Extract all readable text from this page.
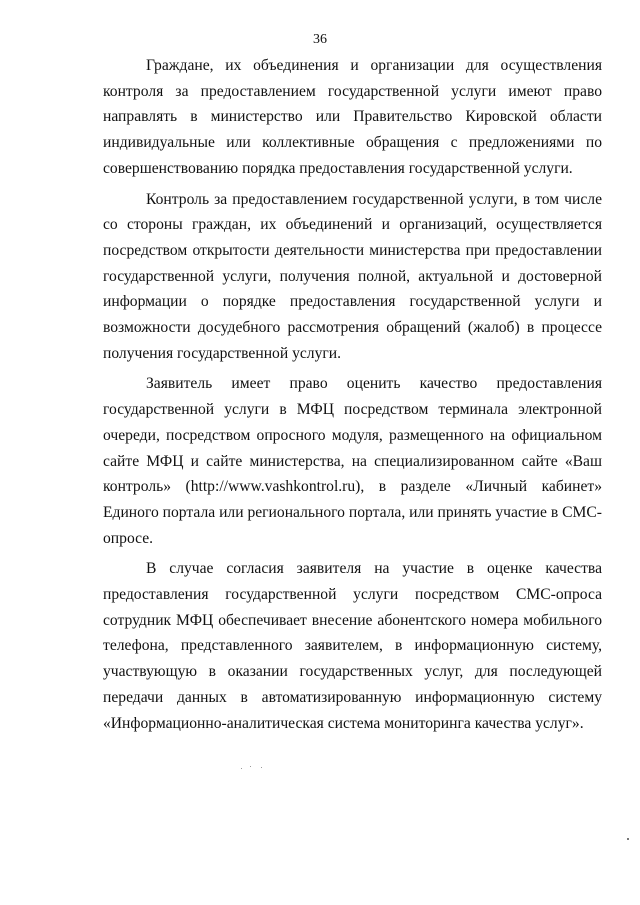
36

Граждане, их объединения и организации для осуществления контроля за предоставлением государственной услуги имеют право направлять в министерство или Правительство Кировской области индивидуальные или коллективные обращения с предложениями по совершенствованию порядка предоставления государственной услуги.

Контроль за предоставлением государственной услуги, в том числе со стороны граждан, их объединений и организаций, осуществляется посредством открытости деятельности министерства при предоставлении государственной услуги, получения полной, актуальной и достоверной информации о порядке предоставления государственной услуги и возможности досудебного рассмотрения обращений (жалоб) в процессе получения государственной услуги.

Заявитель имеет право оценить качество предоставления государственной услуги в МФЦ посредством терминала электронной очереди, посредством опросного модуля, размещенного на официальном сайте МФЦ и сайте министерства, на специализированном сайте «Ваш контроль» (http://www.vashkontrol.ru), в разделе «Личный кабинет» Единого портала или регионального портала, или принять участие в СМС-опросе.

В случае согласия заявителя на участие в оценке качества предоставления государственной услуги посредством СМС-опроса сотрудник МФЦ обеспечивает внесение абонентского номера мобильного телефона, представленного заявителем, в информационную систему, участвующую в оказании государственных услуг, для последующей передачи данных в автоматизированную информационную систему «Информационно-аналитическая система мониторинга качества услуг».
